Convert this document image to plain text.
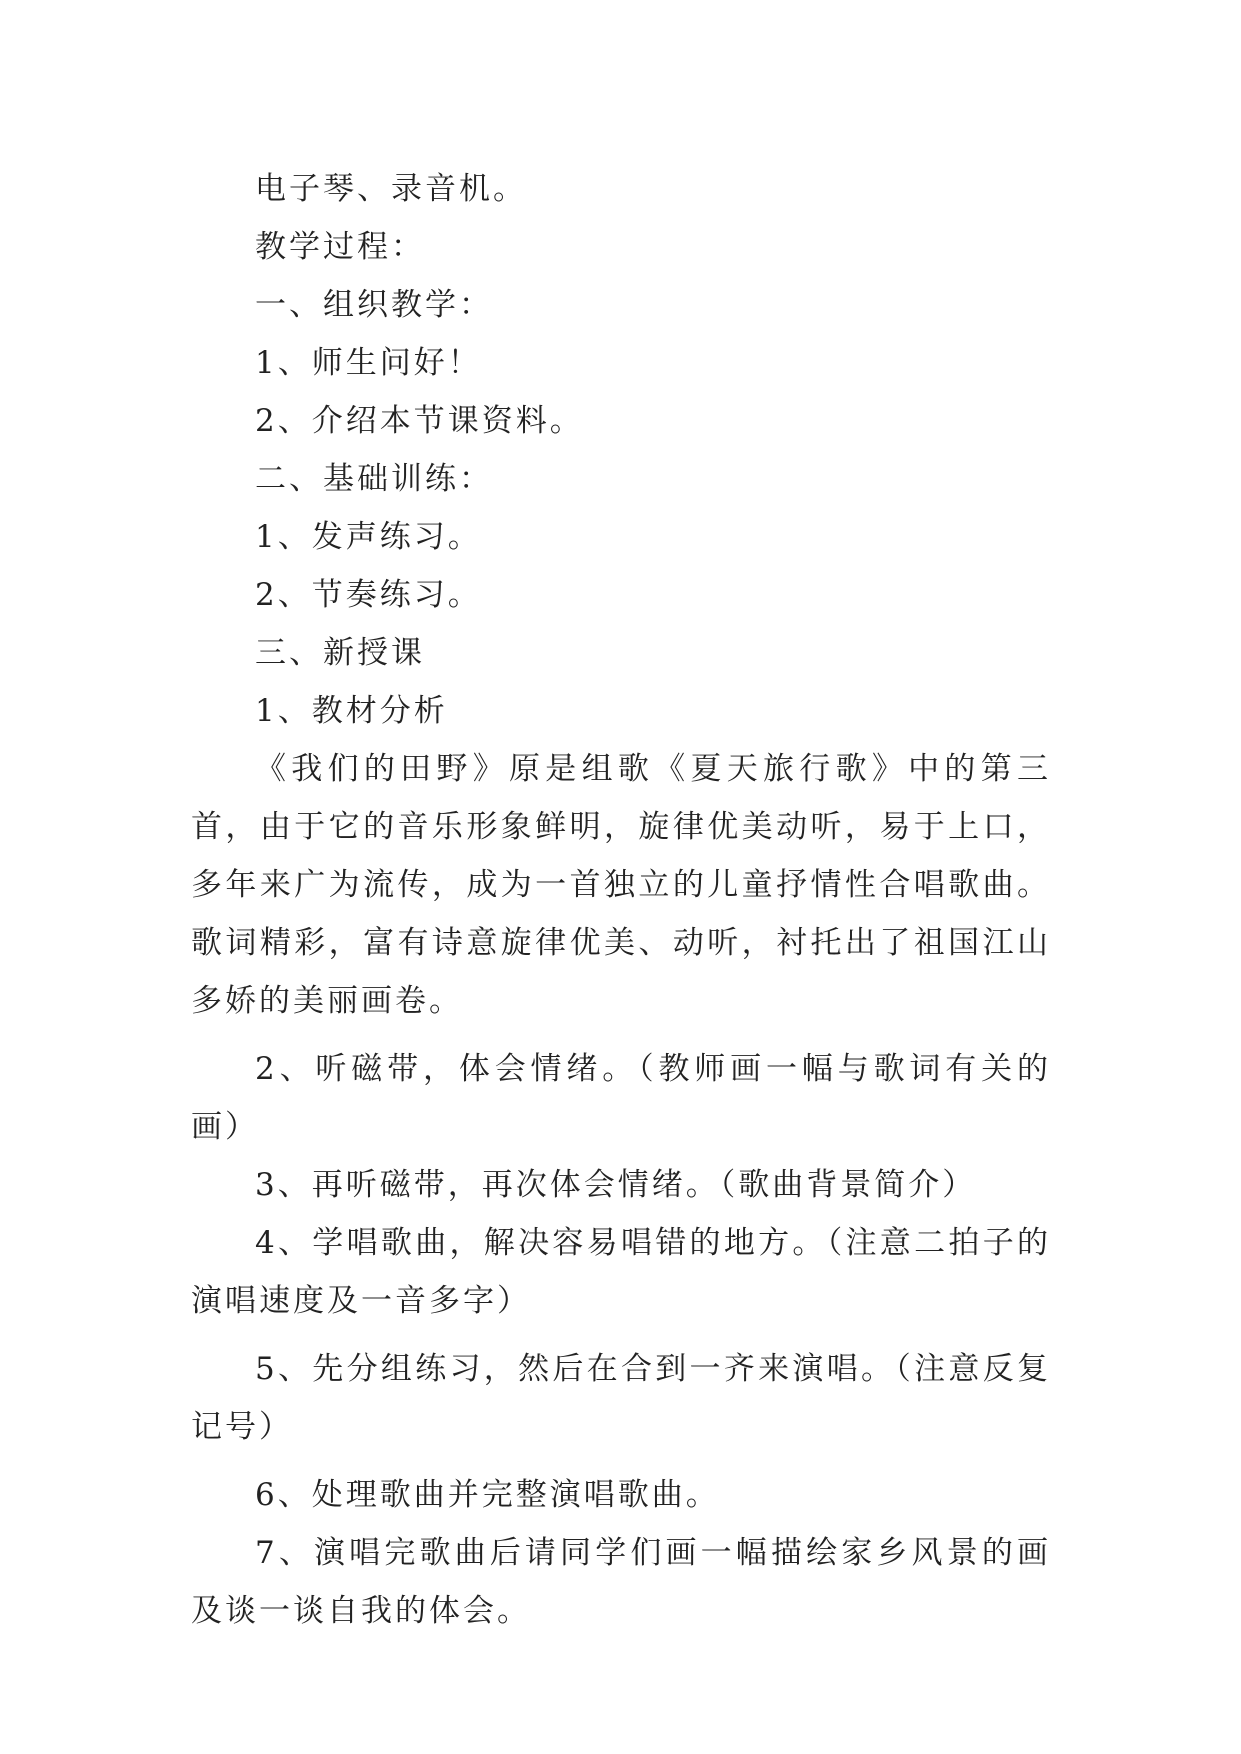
电子琴、录音机。

教学过程：

一、组织教学：

1、师生问好！

2、介绍本节课资料。

二、基础训练：

1、发声练习。

2、节奏练习。

三、新授课

1、教材分析

《我们的田野》原是组歌《夏天旅行歌》中的第三首，由于它的音乐形象鲜明，旋律优美动听，易于上口，多年来广为流传，成为一首独立的儿童抒情性合唱歌曲。歌词精彩，富有诗意旋律优美、动听，衬托出了祖国江山多娇的美丽画卷。

2、听磁带，体会情绪。（教师画一幅与歌词有关的画）

3、再听磁带，再次体会情绪。（歌曲背景简介）

4、学唱歌曲，解决容易唱错的地方。（注意二拍子的演唱速度及一音多字）

5、先分组练习，然后在合到一齐来演唱。（注意反复记号）

6、处理歌曲并完整演唱歌曲。

7、演唱完歌曲后请同学们画一幅描绘家乡风景的画及谈一谈自我的体会。
